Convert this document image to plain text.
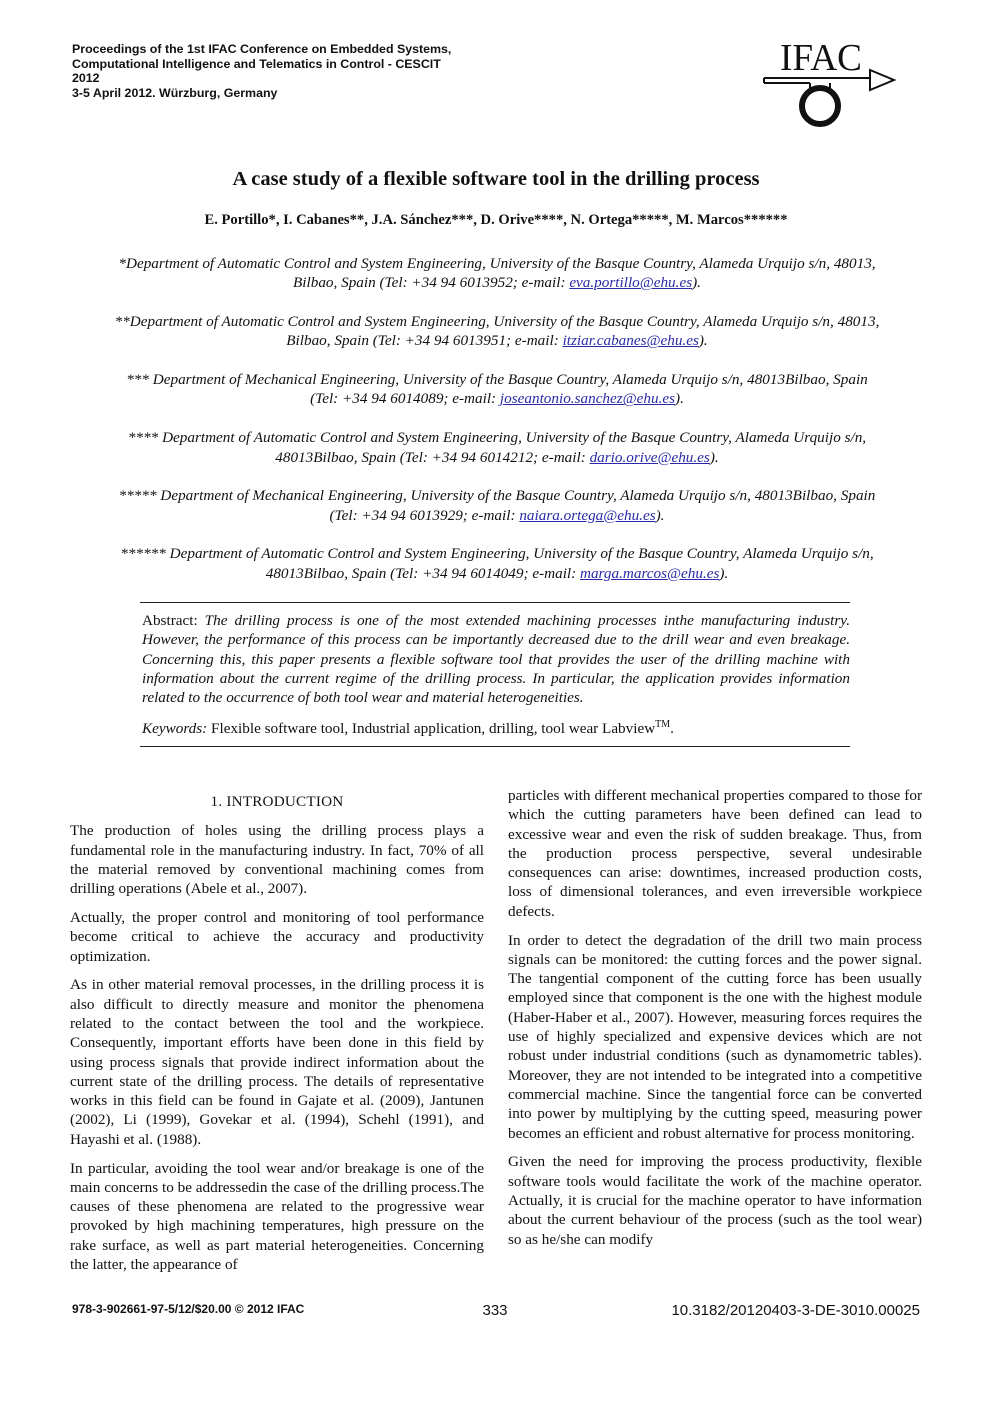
Proceedings of the 1st IFAC Conference on Embedded Systems,
Computational Intelligence and Telematics in Control - CESCIT
2012
3-5 April 2012. Würzburg, Germany
IFAC
A case study of a flexible software tool in the drilling process
E. Portillo*, I. Cabanes**, J.A. Sánchez***, D. Orive****, N. Ortega*****, M. Marcos******
*Department of Automatic Control and System Engineering, University of the Basque Country, Alameda Urquijo s/n, 48013,
Bilbao, Spain (Tel: +34 94 6013952; e-mail: eva.portillo@ehu.es).
**Department of Automatic Control and System Engineering, University of the Basque Country, Alameda Urquijo s/n, 48013,
Bilbao, Spain (Tel: +34 94 6013951; e-mail: itziar.cabanes@ehu.es).
*** Department of Mechanical Engineering, University of the Basque Country, Alameda Urquijo s/n, 48013Bilbao, Spain
(Tel: +34 94 6014089; e-mail: joseantonio.sanchez@ehu.es).
**** Department of Automatic Control and System Engineering, University of the Basque Country, Alameda Urquijo s/n,
48013Bilbao, Spain (Tel: +34 94 6014212; e-mail: dario.orive@ehu.es).
***** Department of Mechanical Engineering, University of the Basque Country, Alameda Urquijo s/n, 48013Bilbao, Spain
(Tel: +34 94 6013929; e-mail: naiara.ortega@ehu.es).
****** Department of Automatic Control and System Engineering, University of the Basque Country, Alameda Urquijo s/n,
48013Bilbao, Spain (Tel: +34 94 6014049; e-mail: marga.marcos@ehu.es).
Abstract: The drilling process is one of the most extended machining processes inthe manufacturing industry. However, the performance of this process can be importantly decreased due to the drill wear and even breakage. Concerning this, this paper presents a flexible software tool that provides the user of the drilling machine with information about the current regime of the drilling process. In particular, the application provides information related to the occurrence of both tool wear and material heterogeneities.
Keywords: Flexible software tool, Industrial application, drilling, tool wear Labview™.
1. INTRODUCTION

The production of holes using the drilling process plays a fundamental role in the manufacturing industry. In fact, 70% of all the material removed by conventional machining comes from drilling operations (Abele et al., 2007).

Actually, the proper control and monitoring of tool performance become critical to achieve the accuracy and productivity optimization.

As in other material removal processes, in the drilling process it is also difficult to directly measure and monitor the phenomena related to the contact between the tool and the workpiece. Consequently, important efforts have been done in this field by using process signals that provide indirect information about the current state of the drilling process. The details of representative works in this field can be found in Gajate et al. (2009), Jantunen (2002), Li (1999), Govekar et al. (1994), Schehl (1991), and Hayashi et al. (1988).

In particular, avoiding the tool wear and/or breakage is one of the main concerns to be addressedin the case of the drilling process.The causes of these phenomena are related to the progressive wear provoked by high machining temperatures, high pressure on the rake surface, as well as part material heterogeneities. Concerning the latter, the appearance of

particles with different mechanical properties compared to those for which the cutting parameters have been defined can lead to excessive wear and even the risk of sudden breakage. Thus, from the production process perspective, several undesirable consequences can arise: downtimes, increased production costs, loss of dimensional tolerances, and even irreversible workpiece defects.

In order to detect the degradation of the drill two main process signals can be monitored: the cutting forces and the power signal. The tangential component of the cutting force has been usually employed since that component is the one with the highest module (Haber-Haber et al., 2007). However, measuring forces requires the use of highly specialized and expensive devices which are not robust under industrial conditions (such as dynamometric tables). Moreover, they are not intended to be integrated into a competitive commercial machine. Since the tangential force can be converted into power by multiplying by the cutting speed, measuring power becomes an efficient and robust alternative for process monitoring.

Given the need for improving the process productivity, flexible software tools would facilitate the work of the machine operator. Actually, it is crucial for the machine operator to have information about the current behaviour of the process (such as the tool wear) so as he/she can modify

978-3-902661-97-5/12/$20.00 © 2012 IFAC	333	10.3182/20120403-3-DE-3010.00025
